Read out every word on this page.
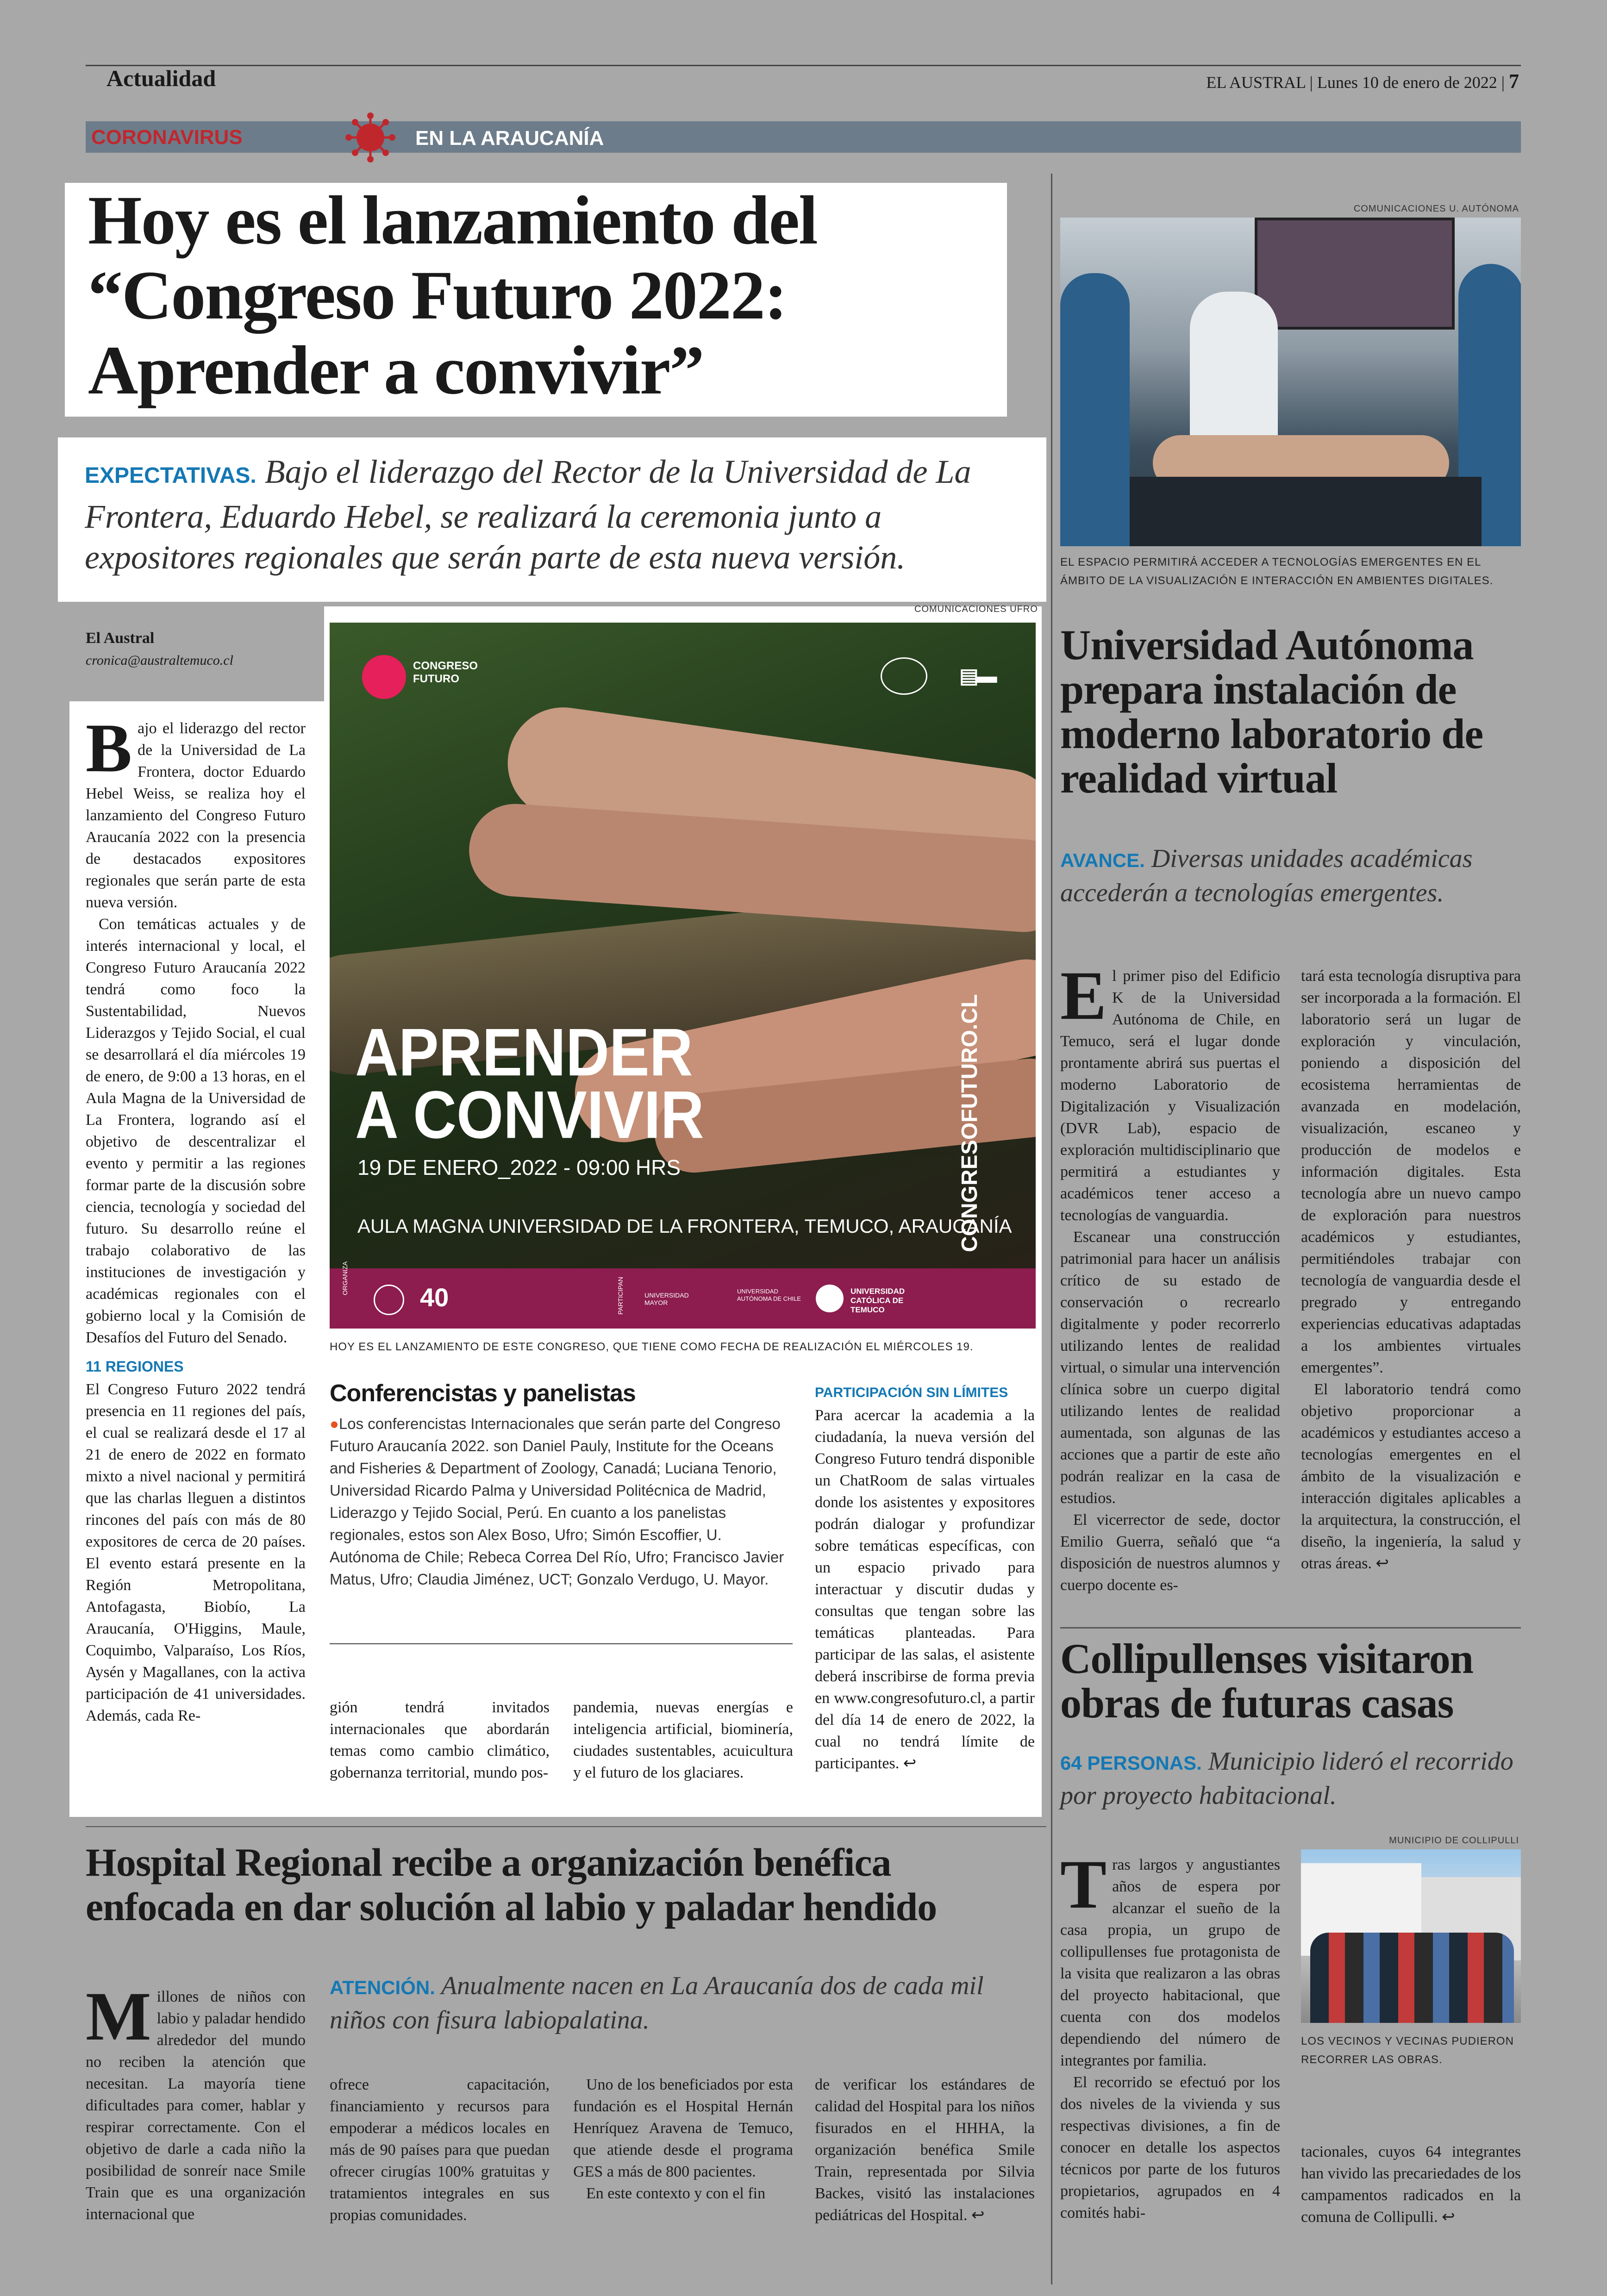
Actualidad	EL AUSTRAL | Lunes 10 de enero de 2022 | 7
CORONAVIRUS	EN LA ARAUCANÍA
Hoy es el lanzamiento del “Congreso Futuro 2022: Aprender a convivir”
EXPECTATIVAS. Bajo el liderazgo del Rector de la Universidad de La Frontera, Eduardo Hebel, se realizará la ceremonia junto a expositores regionales que serán parte de esta nueva versión.
El Austral
cronica@australtemuco.cl

Bajo el liderazgo del rector de la Universidad de La Frontera, doctor Eduardo Hebel Weiss, se realiza hoy el lanzamiento del Congreso Futuro Araucanía 2022 con la presencia de destacados expositores regionales que serán parte de esta nueva versión.

Con temáticas actuales y de interés internacional y local, el Congreso Futuro Araucanía 2022 tendrá como foco la Sustentabilidad, Nuevos Liderazgos y Tejido Social, el cual se desarrollará el día miércoles 19 de enero, de 9:00 a 13 horas, en el Aula Magna de la Universidad de La Frontera, logrando así el objetivo de descentralizar el evento y permitir a las regiones formar parte de la discusión sobre ciencia, tecnología y sociedad del futuro. Su desarrollo reúne el trabajo colaborativo de las instituciones de investigación y académicas regionales con el gobierno local y la Comisión de Desafíos del Futuro del Senado.

11 REGIONES

El Congreso Futuro 2022 tendrá presencia en 11 regiones del país, el cual se realizará desde el 17 al 21 de enero de 2022 en formato mixto a nivel nacional y permitirá que las charlas lleguen a distintos rincones del país con más de 80 expositores de cerca de 20 países. El evento estará presente en la Región Metropolitana, Antofagasta, Biobío, La Araucanía, O'Higgins, Maule, Coquimbo, Valparaíso, Los Ríos, Aysén y Magallanes, con la activa participación de 41 universidades. Además, cada Re-

COMUNICACIONES UFRO
CONGRESO FUTURO	▤▬
APRENDER
A CONVIVIR
19 DE ENERO_2022 - 09:00 HRS
AULA MAGNA UNIVERSIDAD DE LA FRONTERA, TEMUCO, ARAUCANÍA
CONGRESOFUTURO.CL
ORGANIZA
40	PARTICIPAN	UNIVERSIDAD MAYOR
UNIVERSIDAD AUTÓNOMA DE CHILE
UNIVERSIDAD CATÓLICA DE TEMUCO
HOY ES EL LANZAMIENTO DE ESTE CONGRESO, QUE TIENE COMO FECHA DE REALIZACIÓN EL MIÉRCOLES 19.
Conferencistas y panelistas

●Los conferencistas Internacionales que serán parte del Congreso Futuro Araucanía 2022. son Daniel Pauly, Institute for the Oceans and Fisheries & Department of Zoology, Canadá; Luciana Tenorio, Universidad Ricardo Palma y Universidad Politécnica de Madrid, Liderazgo y Tejido Social, Perú. En cuanto a los panelistas regionales, estos son Alex Boso, Ufro; Simón Escoffier, U. Autónoma de Chile; Rebeca Correa Del Río, Ufro; Francisco Javier Matus, Ufro; Claudia Jiménez, UCT; Gonzalo Verdugo, U. Mayor.

gión tendrá invitados internacionales que abordarán temas como cambio climático, gobernanza territorial, mundo pos-

pandemia, nuevas energías e inteligencia artificial, biominería, ciudades sustentables, acuicultura y el futuro de los glaciares.

PARTICIPACIÓN SIN LÍMITES

Para acercar la academia a la ciudadanía, la nueva versión del Congreso Futuro tendrá disponible un ChatRoom de salas virtuales donde los asistentes y expositores podrán dialogar y profundizar sobre temáticas específicas, con un espacio privado para interactuar y discutir dudas y consultas que tengan sobre las temáticas planteadas. Para participar de las salas, el asistente deberá inscribirse de forma previa en www.congresofuturo.cl, a partir del día 14 de enero de 2022, la cual no tendrá límite de participantes. ↩

COMUNICACIONES U. AUTÓNOMA
EL ESPACIO PERMITIRÁ ACCEDER A TECNOLOGÍAS EMERGENTES EN EL ÁMBITO DE LA VISUALIZACIÓN E INTERACCIÓN EN AMBIENTES DIGITALES.
Universidad Autónoma prepara instalación de moderno laboratorio de realidad virtual
AVANCE. Diversas unidades académicas accederán a tecnologías emergentes.

El primer piso del Edificio K de la Universidad Autónoma de Chile, en Temuco, será el lugar donde prontamente abrirá sus puertas el moderno Laboratorio de Digitalización y Visualización (DVR Lab), espacio de exploración multidisciplinario que permitirá a estudiantes y académicos tener acceso a tecnologías de vanguardia.

Escanear una construcción patrimonial para hacer un análisis crítico de su estado de conservación o recrearlo digitalmente y poder recorrerlo utilizando lentes de realidad virtual, o simular una intervención clínica sobre un cuerpo digital utilizando lentes de realidad aumentada, son algunas de las acciones que a partir de este año podrán realizar en la casa de estudios.

El vicerrector de sede, doctor Emilio Guerra, señaló que “a disposición de nuestros alumnos y cuerpo docente es-

tará esta tecnología disruptiva para ser incorporada a la formación. El laboratorio será un lugar de exploración y vinculación, poniendo a disposición del ecosistema herramientas de avanzada en modelación, visualización, escaneo y producción de modelos e información digitales. Esta tecnología abre un nuevo campo de exploración para nuestros académicos y estudiantes, permitiéndoles trabajar con tecnología de vanguardia desde el pregrado y entregando experiencias educativas adaptadas a los ambientes virtuales emergentes”.

El laboratorio tendrá como objetivo proporcionar a académicos y estudiantes acceso a tecnologías emergentes en el ámbito de la visualización e interacción digitales aplicables a la arquitectura, la construcción, el diseño, la ingeniería, la salud y otras áreas. ↩

Collipullenses visitaron obras de futuras casas
64 PERSONAS. Municipio lideró el recorrido por proyecto habitacional.

Tras largos y angustiantes años de espera por alcanzar el sueño de la casa propia, un grupo de collipullenses fue protagonista de la visita que realizaron a las obras del proyecto habitacional, que cuenta con dos modelos dependiendo del número de integrantes por familia.

El recorrido se efectuó por los dos niveles de la vivienda y sus respectivas divisiones, a fin de conocer en detalle los aspectos técnicos por parte de los futuros propietarios, agrupados en 4 comités habi-

MUNICIPIO DE COLLIPULLI
LOS VECINOS Y VECINAS PUDIERON RECORRER LAS OBRAS.

tacionales, cuyos 64 integrantes han vivido las precariedades de los campamentos radicados en la comuna de Collipulli. ↩

Hospital Regional recibe a organización benéfica enfocada en dar solución al labio y paladar hendido

Millones de niños con labio y paladar hendido alrededor del mundo no reciben la atención que necesitan. La mayoría tiene dificultades para comer, hablar y respirar correctamente. Con el objetivo de darle a cada niño la posibilidad de sonreír nace Smile Train que es una organización internacional que

ATENCIÓN. Anualmente nacen en La Araucanía dos de cada mil niños con fisura labiopalatina.

ofrece capacitación, financiamiento y recursos para empoderar a médicos locales en más de 90 países para que puedan ofrecer cirugías 100% gratuitas y tratamientos integrales en sus propias comunidades.

Uno de los beneficiados por esta fundación es el Hospital Hernán Henríquez Aravena de Temuco, que atiende desde el programa GES a más de 800 pacientes.

En este contexto y con el fin

de verificar los estándares de calidad del Hospital para los niños fisurados en el HHHA, la organización benéfica Smile Train, representada por Silvia Backes, visitó las instalaciones pediátricas del Hospital. ↩
